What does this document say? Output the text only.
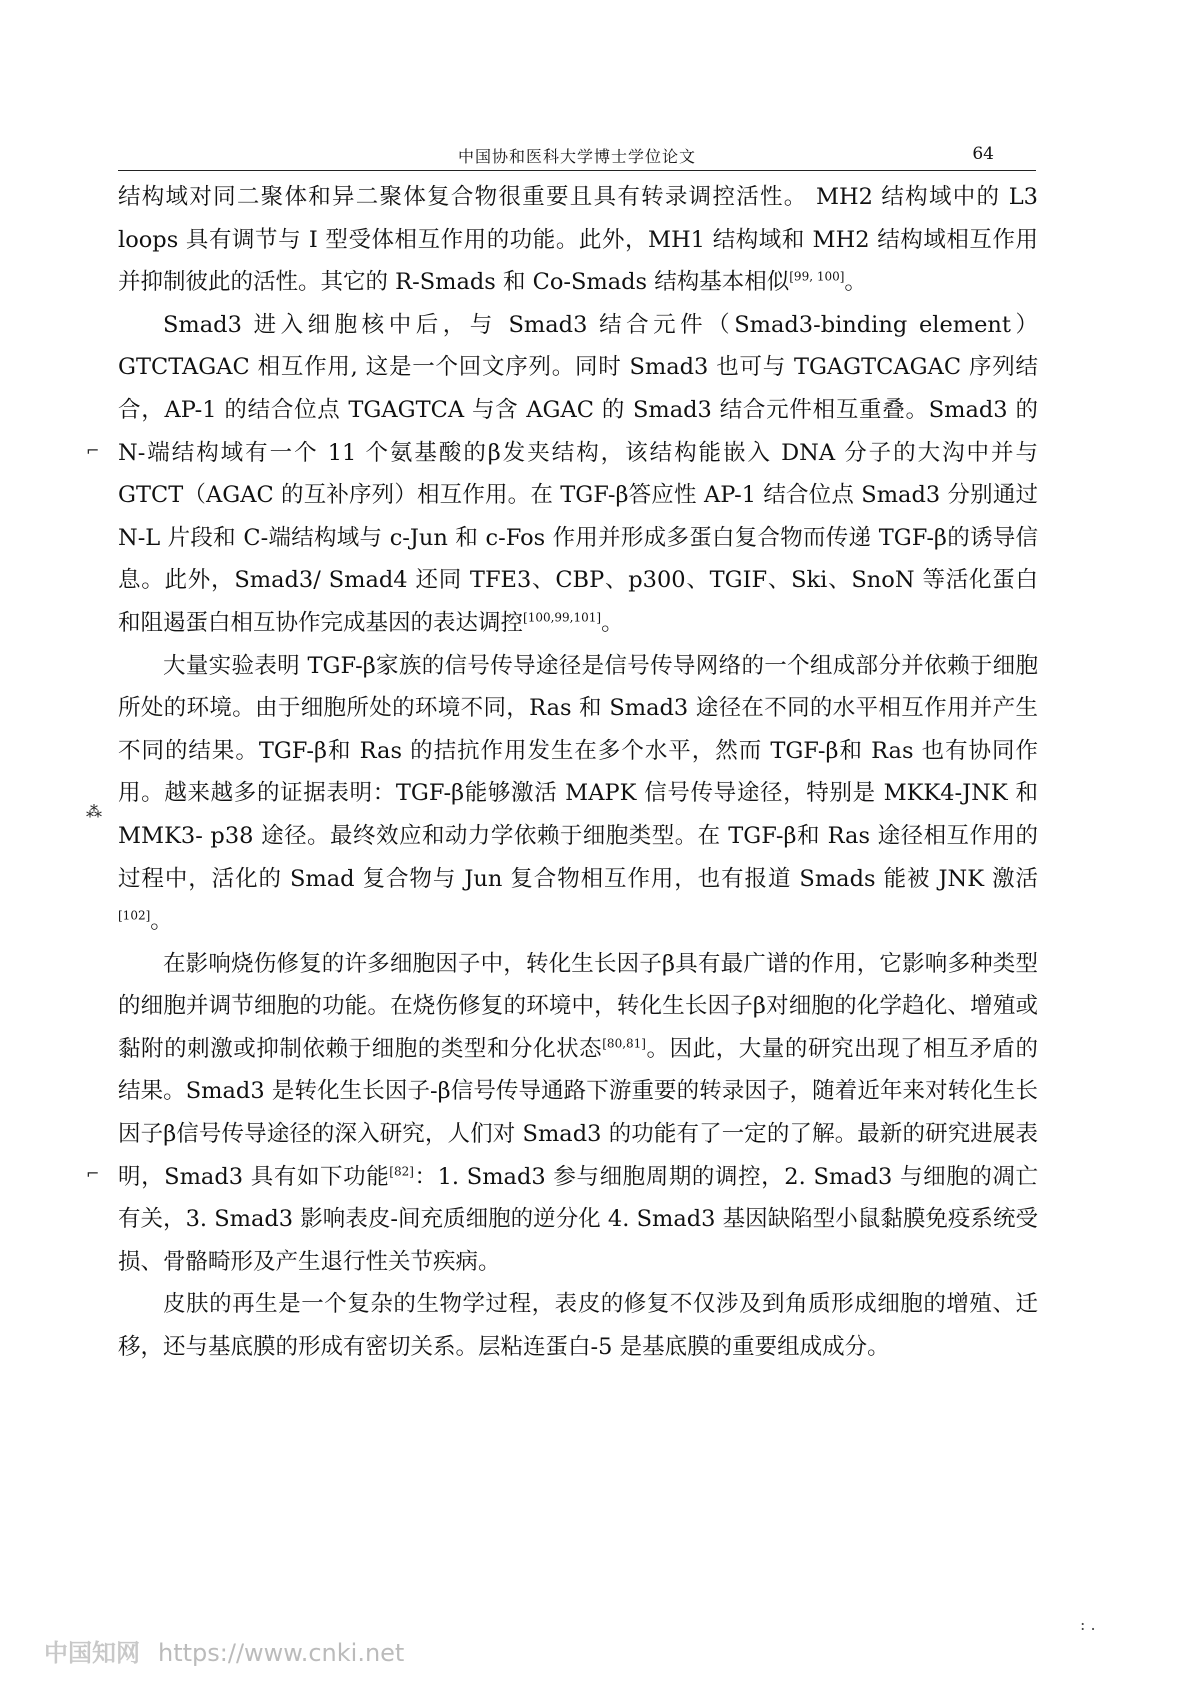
中国协和医科大学博士学位论文	64

结构域对同二聚体和异二聚体复合物很重要且具有转录调控活性。 MH2 结构域中的 L3 loops 具有调节与 I 型受体相互作用的功能。此外，MH1 结构域和 MH2 结构域相互作用并抑制彼此的活性。其它的 R-Smads 和 Co-Smads 结构基本相似[99, 100]。

Smad3 进入细胞核中后，与 Smad3 结合元件（Smad3-binding element）GTCTAGAC 相互作用, 这是一个回文序列。同时 Smad3 也可与 TGAGTCAGAC 序列结合，AP-1 的结合位点 TGAGTCA 与含 AGAC 的 Smad3 结合元件相互重叠。Smad3 的 N-端结构域有一个 11 个氨基酸的β发夹结构，该结构能嵌入 DNA 分子的大沟中并与 GTCT（AGAC 的互补序列）相互作用。在 TGF-β答应性 AP-1 结合位点 Smad3 分别通过 N-L 片段和 C-端结构域与 c-Jun 和 c-Fos 作用并形成多蛋白复合物而传递 TGF-β的诱导信息。此外，Smad3/ Smad4 还同 TFE3、CBP、p300、TGIF、Ski、SnoN 等活化蛋白和阻遏蛋白相互协作完成基因的表达调控[100,99,101]。

大量实验表明 TGF-β家族的信号传导途径是信号传导网络的一个组成部分并依赖于细胞所处的环境。由于细胞所处的环境不同，Ras 和 Smad3 途径在不同的水平相互作用并产生不同的结果。TGF-β和 Ras 的拮抗作用发生在多个水平，然而 TGF-β和 Ras 也有协同作用。越来越多的证据表明：TGF-β能够激活 MAPK 信号传导途径，特别是 MKK4-JNK 和 MMK3- p38 途径。最终效应和动力学依赖于细胞类型。在 TGF-β和 Ras 途径相互作用的过程中，活化的 Smad 复合物与 Jun 复合物相互作用，也有报道 Smads 能被 JNK 激活[102]。

在影响烧伤修复的许多细胞因子中，转化生长因子β具有最广谱的作用，它影响多种类型的细胞并调节细胞的功能。在烧伤修复的环境中，转化生长因子β对细胞的化学趋化、增殖或黏附的刺激或抑制依赖于细胞的类型和分化状态[80,81]。因此，大量的研究出现了相互矛盾的结果。Smad3 是转化生长因子-β信号传导通路下游重要的转录因子，随着近年来对转化生长因子β信号传导途径的深入研究，人们对 Smad3 的功能有了一定的了解。最新的研究进展表明，Smad3 具有如下功能[82]：1. Smad3 参与细胞周期的调控，2. Smad3 与细胞的凋亡有关，3. Smad3 影响表皮-间充质细胞的逆分化 4. Smad3 基因缺陷型小鼠黏膜免疫系统受损、骨骼畸形及产生退行性关节疾病。

皮肤的再生是一个复杂的生物学过程，表皮的修复不仅涉及到角质形成细胞的增殖、迁移，还与基底膜的形成有密切关系。层粘连蛋白-5 是基底膜的重要组成成分。

⌐
⁂
⌐
: .
中国知网 https://www.cnki.net
